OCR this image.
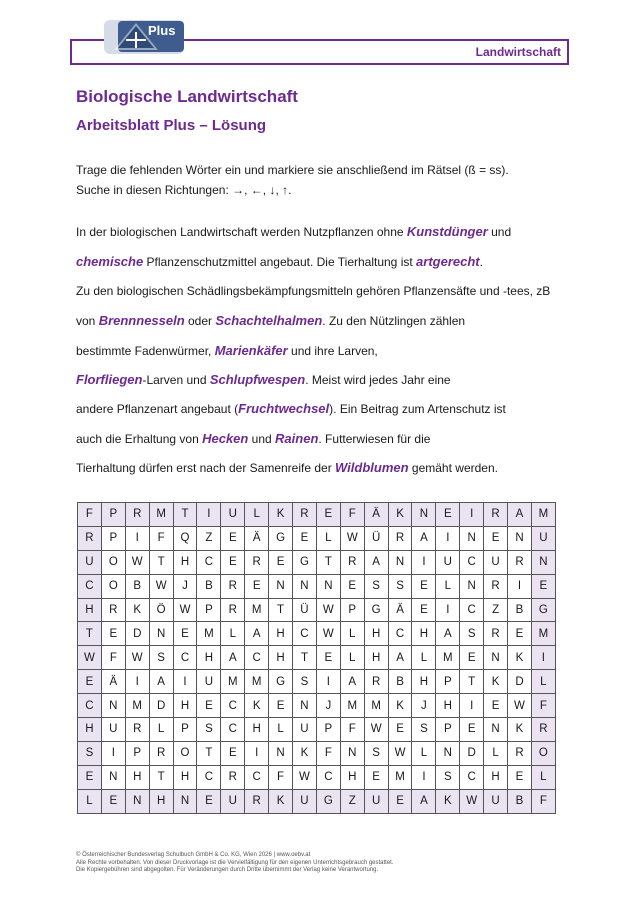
Landwirtschaft
Plus
Biologische Landwirtschaft
Arbeitsblatt Plus – Lösung
Trage die fehlenden Wörter ein und markiere sie anschließend im Rätsel (ß = ss).
Suche in diesen Richtungen: →, ←, ↓, ↑.
In der biologischen Landwirtschaft werden Nutzpflanzen ohne Kunstdünger und
chemische Pflanzenschutzmittel angebaut. Die Tierhaltung ist artgerecht.
Zu den biologischen Schädlingsbekämpfungsmitteln gehören Pflanzensäfte und -tees, zB
von Brennnesseln oder Schachtelhalmen. Zu den Nützlingen zählen
bestimmte Fadenwürmer, Marienkäfer und ihre Larven,
Florfliegen-Larven und Schlupfwespen. Meist wird jedes Jahr eine
andere Pflanzenart angebaut (Fruchtwechsel). Ein Beitrag zum Artenschutz ist
auch die Erhaltung von Hecken und Rainen. Futterwiesen für die
Tierhaltung dürfen erst nach der Samenreife der Wildblumen gemäht werden.
F	P	R	M	T	I	U	L	K	R	E	F	Ä	K	N	E	I	R	A	M
R	P	I	F	Q	Z	E	Ä	G	E	L	W	Ü	R	A	I	N	E	N	U
U	O	W	T	H	C	E	R	E	G	T	R	A	N	I	U	C	U	R	N
C	O	B	W	J	B	R	E	N	N	N	E	S	S	E	L	N	R	I	E
H	R	K	Ö	W	P	R	M	T	Ü	W	P	G	Ä	E	I	C	Z	B	G
T	E	D	N	E	M	L	A	H	C	W	L	H	C	H	A	S	R	E	M
W	F	W	S	C	H	A	C	H	T	E	L	H	A	L	M	E	N	K	I
E	Ä	I	A	I	U	M	M	G	S	I	A	R	B	H	P	T	K	D	L
C	N	M	D	H	E	C	K	E	N	J	M	M	K	J	H	I	E	W	F
H	U	R	L	P	S	C	H	L	U	P	F	W	E	S	P	E	N	K	R
S	I	P	R	O	T	E	I	N	K	F	N	S	W	L	N	D	L	R	O
E	N	H	T	H	C	R	C	F	W	C	H	E	M	I	S	C	H	E	L
L	E	N	H	N	E	U	R	K	U	G	Z	U	E	A	K	W	U	B	F
© Österreichischer Bundesverlag Schulbuch GmbH & Co. KG, Wien 2026 | www.oebv.at
Alle Rechte vorbehalten. Von dieser Druckvorlage ist die Vervielfältigung für den eigenen Unterrichtsgebrauch gestattet.
Die Kopiergebühren sind abgegolten. Für Veränderungen durch Dritte übernimmt der Verlag keine Verantwortung.
